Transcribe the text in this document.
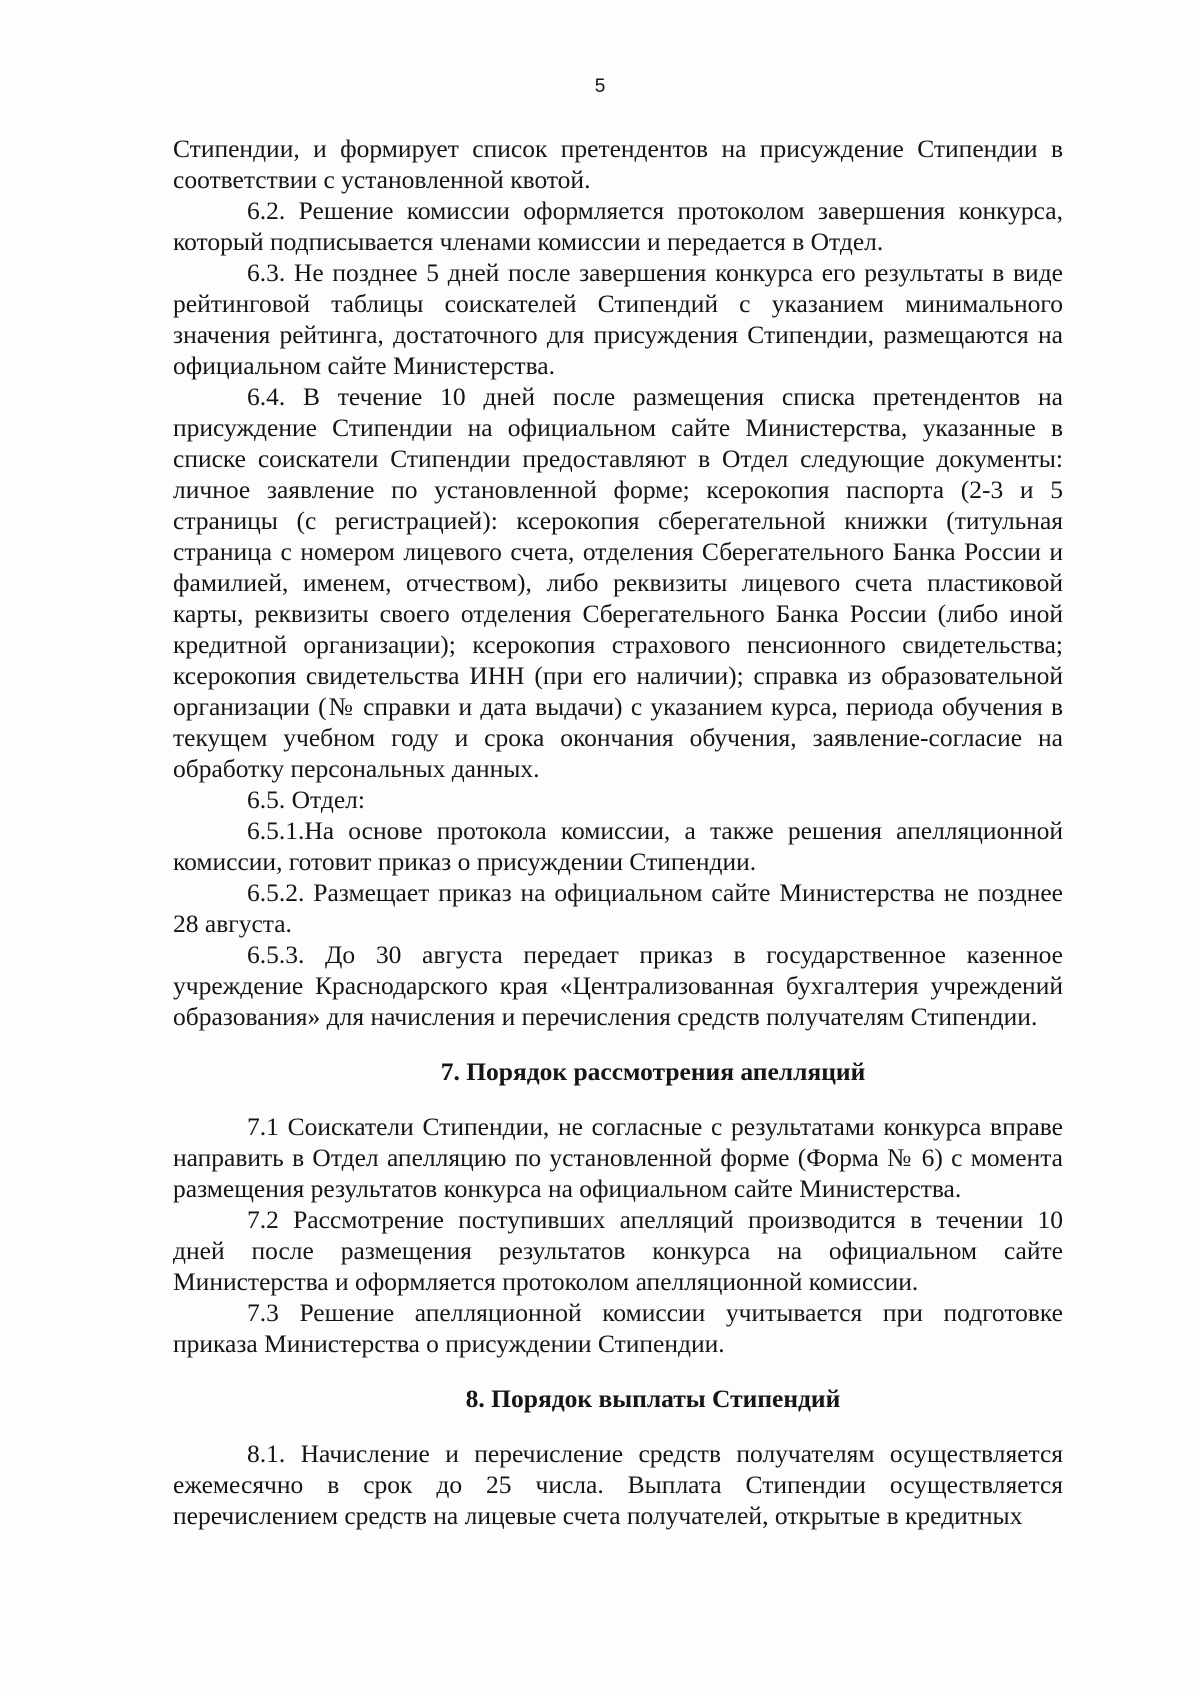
5

Стипендии, и формирует список претендентов на присуждение Стипендии в соответствии с установленной квотой.

6.2. Решение комиссии оформляется протоколом завершения конкурса, который подписывается членами комиссии и передается в Отдел.

6.3. Не позднее 5 дней после завершения конкурса его результаты в виде рейтинговой таблицы соискателей Стипендий с указанием минимального значения рейтинга, достаточного для присуждения Стипендии, размещаются на официальном сайте Министерства.

6.4. В течение 10 дней после размещения списка претендентов на присуждение Стипендии на официальном сайте Министерства, указанные в списке соискатели Стипендии предоставляют в Отдел следующие документы: личное заявление по установленной форме; ксерокопия паспорта (2-3 и 5 страницы (с регистрацией): ксерокопия сберегательной книжки (титульная страница с номером лицевого счета, отделения Сберегательного Банка России и фамилией, именем, отчеством), либо реквизиты лицевого счета пластиковой карты, реквизиты своего отделения Сберегательного Банка России (либо иной кредитной организации); ксерокопия страхового пенсионного свидетельства; ксерокопия свидетельства ИНН (при его наличии); справка из образовательной организации (№ справки и дата выдачи) с указанием курса, периода обучения в текущем учебном году и срока окончания обучения, заявление-согласие на обработку персональных данных.

6.5. Отдел:

6.5.1.На основе протокола комиссии, а также решения апелляционной комиссии, готовит приказ о присуждении Стипендии.

6.5.2. Размещает приказ на официальном сайте Министерства не позднее 28 августа.

6.5.3. До 30 августа передает приказ в государственное казенное учреждение Краснодарского края «Централизованная бухгалтерия учреждений образования» для начисления и перечисления средств получателям Стипендии.

7. Порядок рассмотрения апелляций

7.1 Соискатели Стипендии, не согласные с результатами конкурса вправе направить в Отдел апелляцию по установленной форме (Форма № 6) с момента размещения результатов конкурса на официальном сайте Министерства.

7.2 Рассмотрение поступивших апелляций производится в течении 10 дней после размещения результатов конкурса на официальном сайте Министерства и оформляется протоколом апелляционной комиссии.

7.3 Решение апелляционной комиссии учитывается при подготовке приказа Министерства о присуждении Стипендии.

8. Порядок выплаты Стипендий

8.1. Начисление и перечисление средств получателям осуществляется ежемесячно в срок до 25 числа. Выплата Стипендии осуществляется перечислением средств на лицевые счета получателей, открытые в кредитных
